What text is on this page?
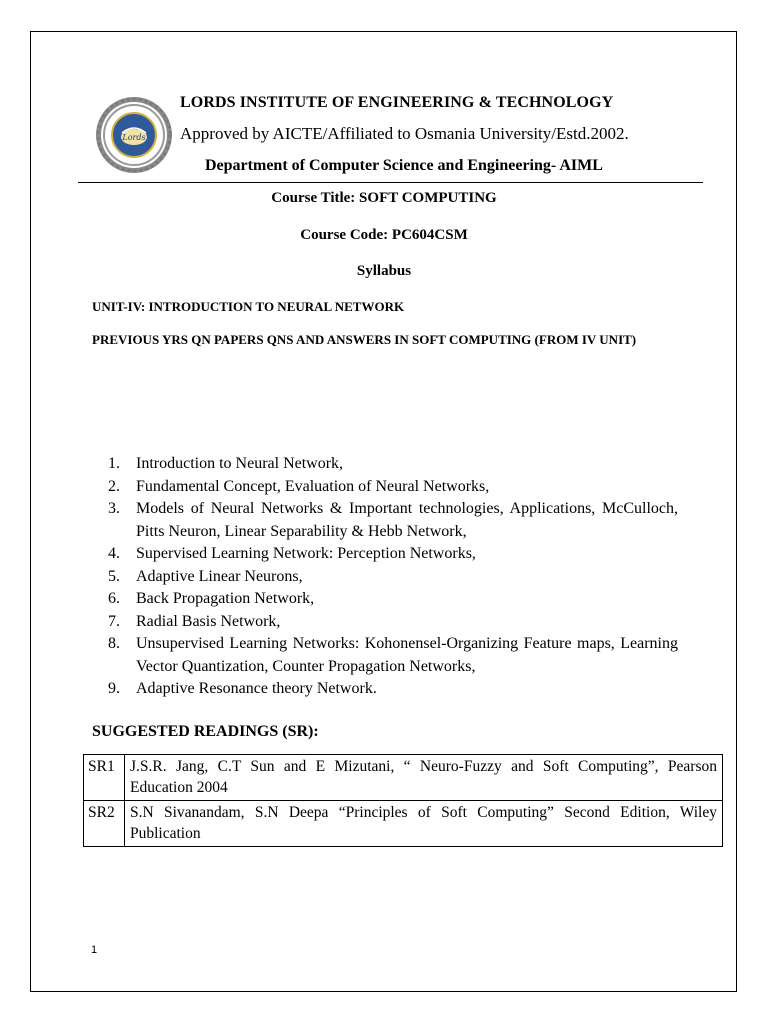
Lords
LORDS INSTITUTE OF ENGINEERING & TECHNOLOGY
Approved by AICTE/Affiliated to Osmania University/Estd.2002.
Department of Computer Science and Engineering- AIML
Course Title: SOFT COMPUTING
Course Code: PC604CSM
Syllabus
UNIT-IV: INTRODUCTION TO NEURAL NETWORK
PREVIOUS YRS QN PAPERS QNS AND ANSWERS IN SOFT COMPUTING (FROM IV UNIT)
1.	Introduction to Neural Network,
2.	Fundamental Concept, Evaluation of Neural Networks,
3.	Models of Neural Networks & Important technologies, Applications, McCulloch, Pitts Neuron, Linear Separability & Hebb Network,
4.	Supervised Learning Network: Perception Networks,
5.	Adaptive Linear Neurons,
6.	Back Propagation Network,
7.	Radial Basis Network,
8.	Unsupervised Learning Networks: Kohonensel-Organizing Feature maps, Learning Vector Quantization, Counter Propagation Networks,
9.	Adaptive Resonance theory Network.
SUGGESTED READINGS (SR):
SR1	J.S.R. Jang, C.T Sun and E Mizutani, “ Neuro-Fuzzy and Soft Computing”, Pearson Education 2004
SR2	S.N Sivanandam, S.N Deepa “Principles of Soft Computing” Second Edition, Wiley Publication
1
